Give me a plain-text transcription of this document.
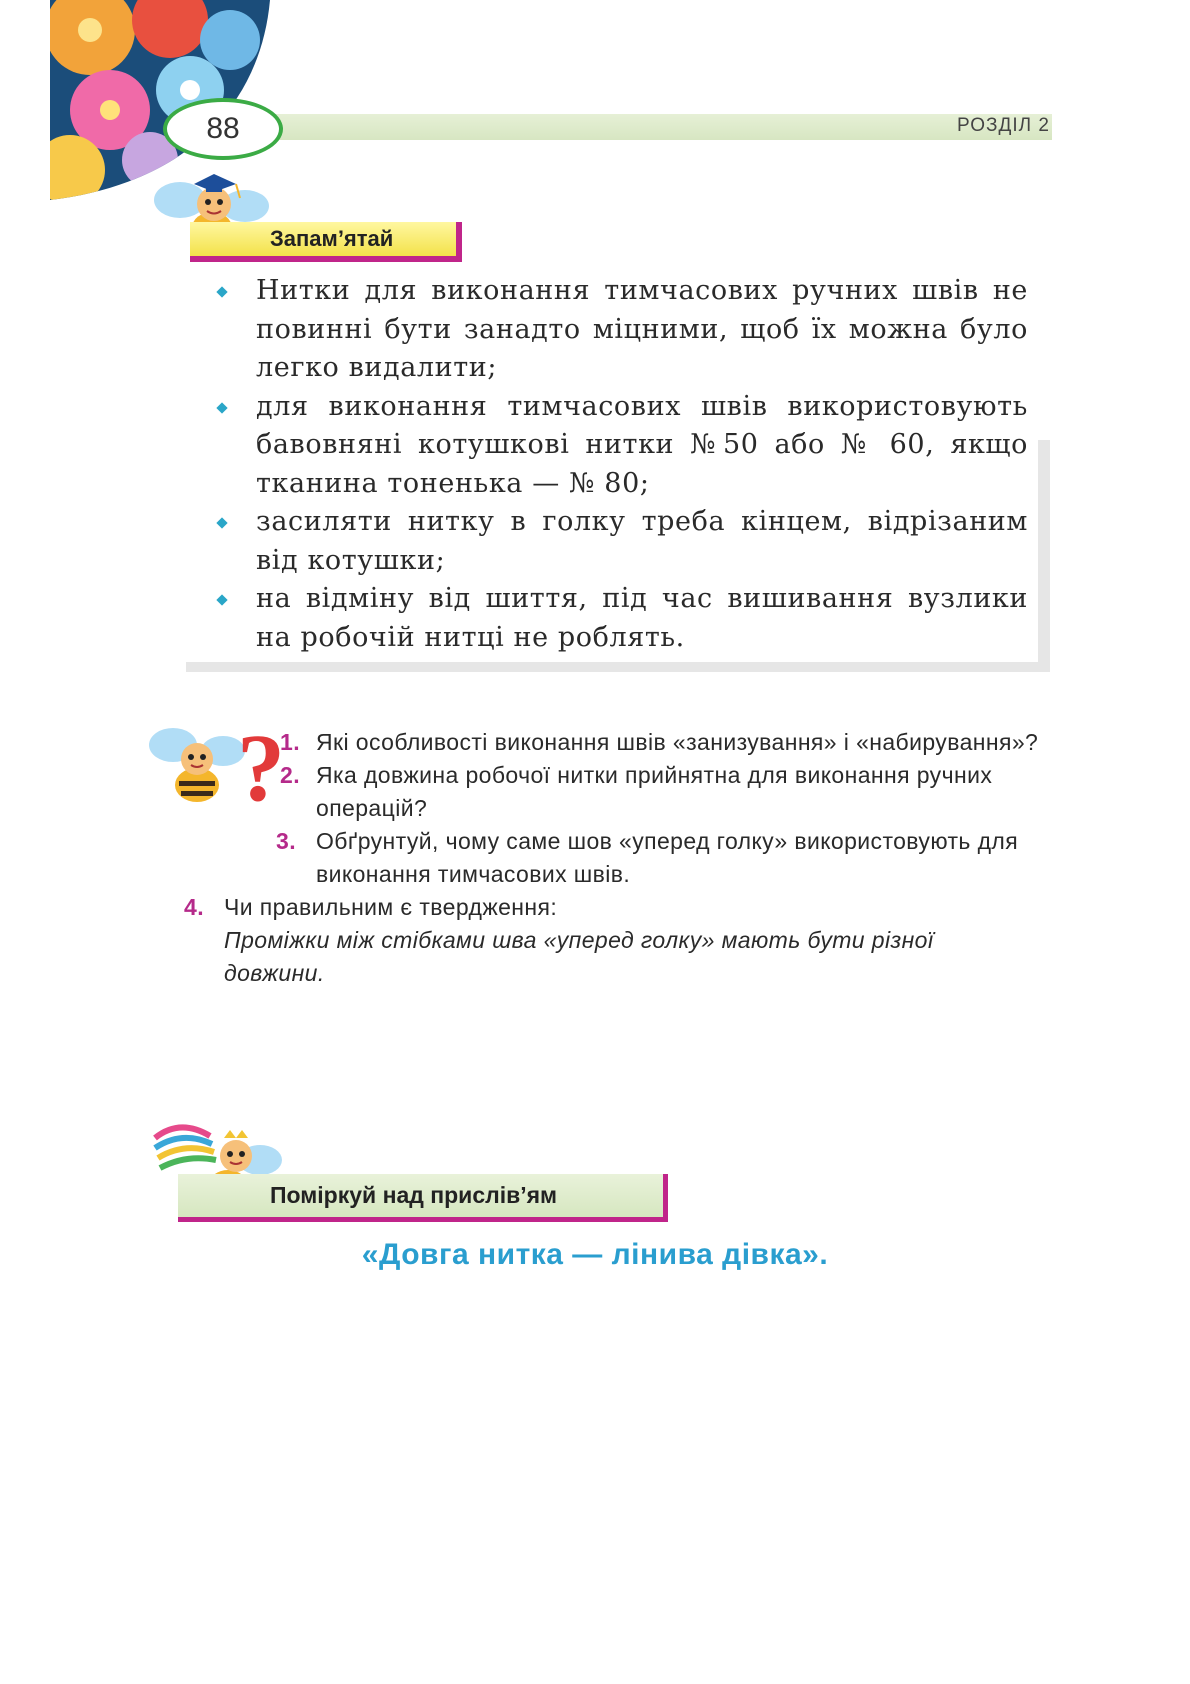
88	РОЗДІЛ 2
Запам’ятай
Нитки для виконання тимчасових ручних швів не повинні бути занадто міцними, щоб їх можна було легко видалити;
для виконання тимчасових швів використовують бавовняні котушкові нитки №50 або № 60, якщо тканина тоненька — № 80;
засиляти нитку в голку треба кінцем, відрізаним від котушки;
на відміну від шиття, під час вишивання вузлики на робочій нитці не роблять.
?
1. Які особливості виконання швів «занизування» і «набирування»?
2. Яка довжина робочої нитки прийнятна для виконання ручних операцій?
3. Обґрунтуй, чому саме шов «уперед голку» використовують для виконання тимчасових швів.
4. Чи правильним є твердження:
Проміжки між стібками шва «уперед голку» мають бути різної довжини.
Поміркуй над прислів’ям
«Довга нитка — лінива дівка».
